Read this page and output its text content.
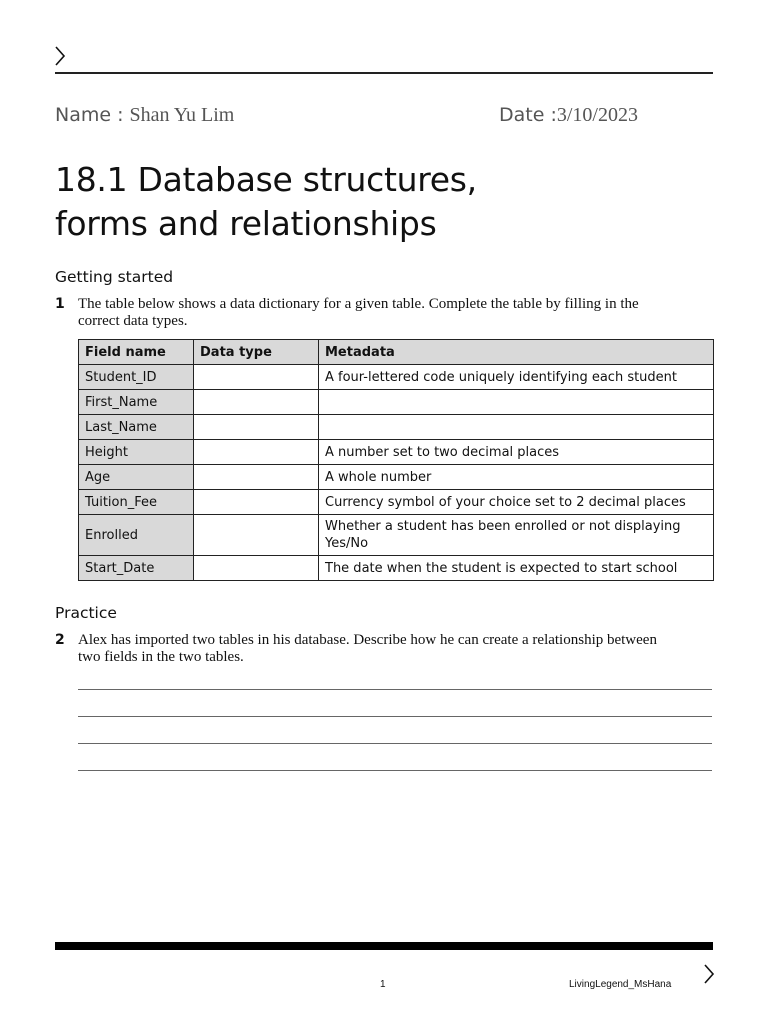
Name : Shan Yu Lim	Date :3/10/2023
18.1 Database structures, forms and relationships
Getting started
1 The table below shows a data dictionary for a given table. Complete the table by filling in the correct data types.
Field name	Data type	Metadata
Student_ID		A four-lettered code uniquely identifying each student
First_Name		
Last_Name		
Height		A number set to two decimal places
Age		A whole number
Tuition_Fee		Currency symbol of your choice set to 2 decimal places
Enrolled		Whether a student has been enrolled or not displaying Yes/No
Start_Date		The date when the student is expected to start school
Practice
2 Alex has imported two tables in his database. Describe how he can create a relationship between two fields in the two tables.
1	LivingLegend_MsHana
